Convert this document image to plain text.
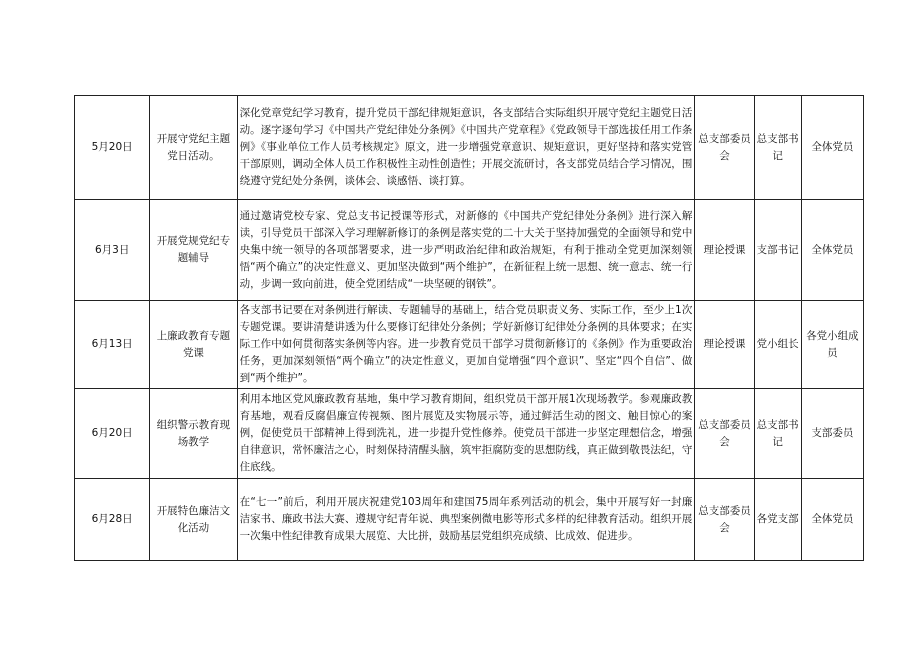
5月20日	开展守党纪主题党日活动。	深化党章党纪学习教育，提升党员干部纪律规矩意识，各支部结合实际组织开展守党纪主题党日活动。逐字逐句学习《中国共产党纪律处分条例》《中国共产党章程》《党政领导干部选拔任用工作条例》《事业单位工作人员考核规定》原文，进一步增强党章意识、规矩意识，更好坚持和落实党管干部原则，调动全体人员工作积极性主动性创造性；开展交流研讨，各支部党员结合学习情况，围绕遵守党纪处分条例，谈体会、谈感悟、谈打算。	总支部委员会	总支部书记	全体党员
6月3日	开展党规党纪专题辅导	通过邀请党校专家、党总支书记授课等形式，对新修的《中国共产党纪律处分条例》进行深入解读，引导党员干部深入学习理解新修订的条例是落实党的二十大关于坚持加强党的全面领导和党中央集中统一领导的各项部署要求，进一步严明政治纪律和政治规矩，有利于推动全党更加深刻领悟“两个确立”的决定性意义、更加坚决做到“两个维护”，在新征程上统一思想、统一意志、统一行动，步调一致向前进，使全党团结成“一块坚硬的钢铁”。	理论授课	支部书记	全体党员
6月13日	上廉政教育专题党课	各支部书记要在对条例进行解读、专题辅导的基础上，结合党员职责义务、实际工作，至少上1次专题党课。要讲清楚讲透为什么要修订纪律处分条例；学好新修订纪律处分条例的具体要求；在实际工作中如何贯彻落实条例等内容。进一步教育党员干部学习贯彻新修订的《条例》作为重要政治任务，更加深刻领悟“两个确立”的决定性意义，更加自觉增强“四个意识”、坚定“四个自信”、做到“两个维护”。	理论授课	党小组长	各党小组成员
6月20日	组织警示教育现场教学	利用本地区党风廉政教育基地，集中学习教育期间，组织党员干部开展1次现场教学。参观廉政教育基地，观看反腐倡廉宣传视频、图片展览及实物展示等，通过鲜活生动的图文、触目惊心的案例，促使党员干部精神上得到洗礼，进一步提升党性修养。使党员干部进一步坚定理想信念，增强自律意识，常怀廉洁之心，时刻保持清醒头脑，筑牢拒腐防变的思想防线，真正做到敬畏法纪，守住底线。	总支部委员会	总支部书记	支部委员
6月28日	开展特色廉洁文化活动	在“七一”前后，利用开展庆祝建党103周年和建国75周年系列活动的机会，集中开展写好一封廉洁家书、廉政书法大赛、遵规守纪青年说、典型案例微电影等形式多样的纪律教育活动。组织开展一次集中性纪律教育成果大展览、大比拼，鼓励基层党组织亮成绩、比成效、促进步。	总支部委员会	各党支部	全体党员
